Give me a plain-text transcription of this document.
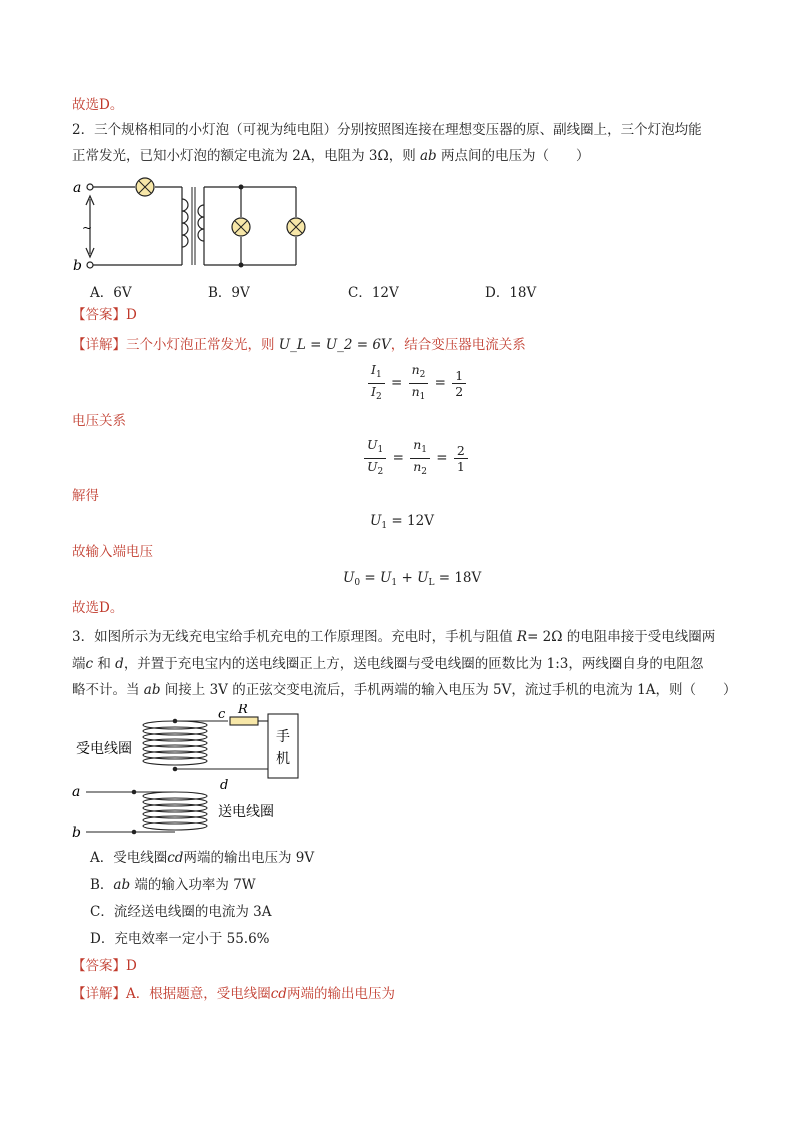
故选D。
2．三个规格相同的小灯泡（可视为纯电阻）分别按照图连接在理想变压器的原、副线圈上，三个灯泡均能
正常发光，已知小灯泡的额定电流为 2A，电阻为 3Ω，则 ab 两点间的电压为（　　）
a
b
~
A．6V	B．9V	C．12V	D．18V
【答案】D
【详解】三个小灯泡正常发光，则 U_L = U_2 = 6V，结合变压器电流关系
$\frac{I_1}{I_2} = \frac{n_2}{n_1} = \frac{1}{2}$
电压关系
$\frac{U_1}{U_2} = \frac{n_1}{n_2} = \frac{2}{1}$
解得
$U_1 = 12V$
故输入端电压
$U_0 = U_1 + U_L = 18V$
故选D。
3．如图所示为无线充电宝给手机充电的工作原理图。充电时，手机与阻值 R= 2Ω 的电阻串接于受电线圈两
端c 和 d，并置于充电宝内的送电线圈正上方，送电线圈与受电线圈的匝数比为 1:3，两线圈自身的电阻忽
略不计。当 ab 间接上 3V 的正弦交变电流后，手机两端的输入电压为 5V，流过手机的电流为 1A，则（　　）
c R
d
手
机
受电线圈
送电线圈
a
b
A．受电线圈cd两端的输出电压为 9V
B．ab 端的输入功率为 7W
C．流经送电线圈的电流为 3A
D．充电效率一定小于 55.6%
【答案】D
【详解】A．根据题意，受电线圈cd两端的输出电压为
